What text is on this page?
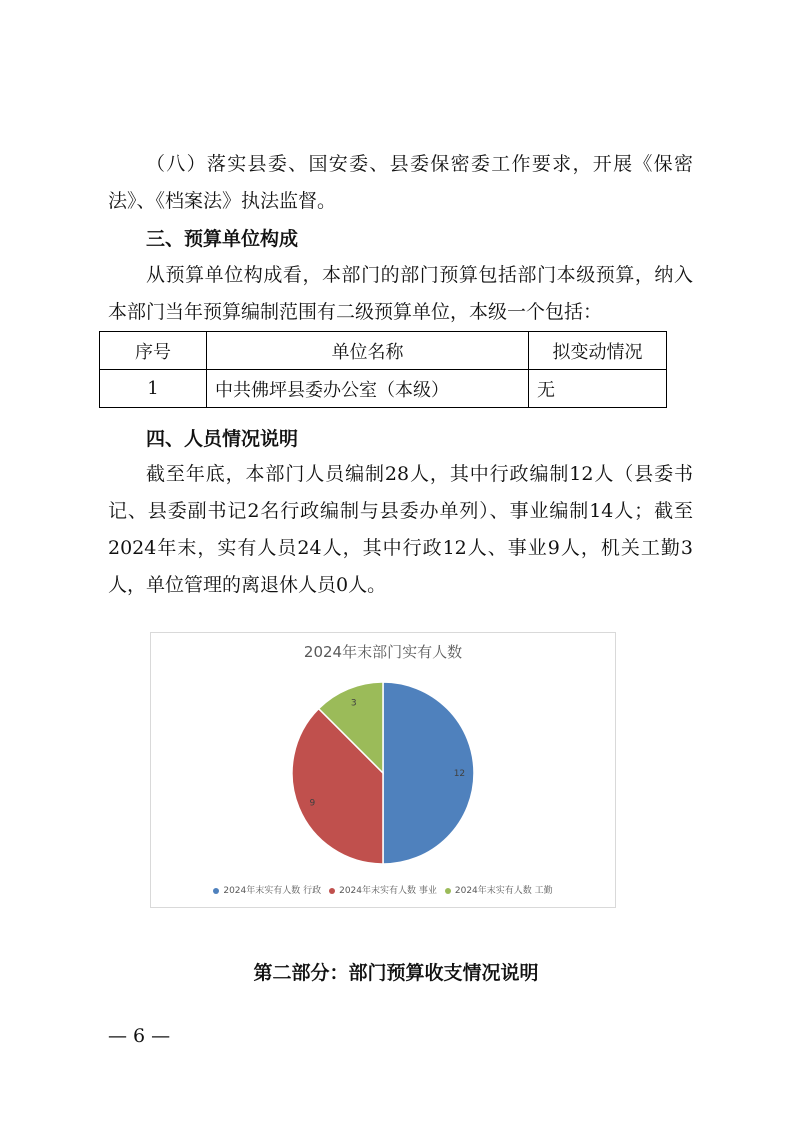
（八）落实县委、国安委、县委保密委工作要求，开展《保密法》、《档案法》执法监督。
三、预算单位构成
从预算单位构成看，本部门的部门预算包括部门本级预算，纳入本部门当年预算编制范围有二级预算单位，本级一个包括：
序号	单位名称	拟变动情况
1	中共佛坪县委办公室（本级）	无
四、人员情况说明
截至年底，本部门人员编制28人，其中行政编制12人（县委书记、县委副书记2名行政编制与县委办单列）、事业编制14人；截至2024年末，实有人员24人，其中行政12人、事业9人，机关工勤3人，单位管理的离退休人员0人。
2024年末部门实有人数
12
9
3
2024年末实有人数 行政 2024年末实有人数 事业 2024年末实有人数 工勤
第二部分：部门预算收支情况说明
— 6 —
